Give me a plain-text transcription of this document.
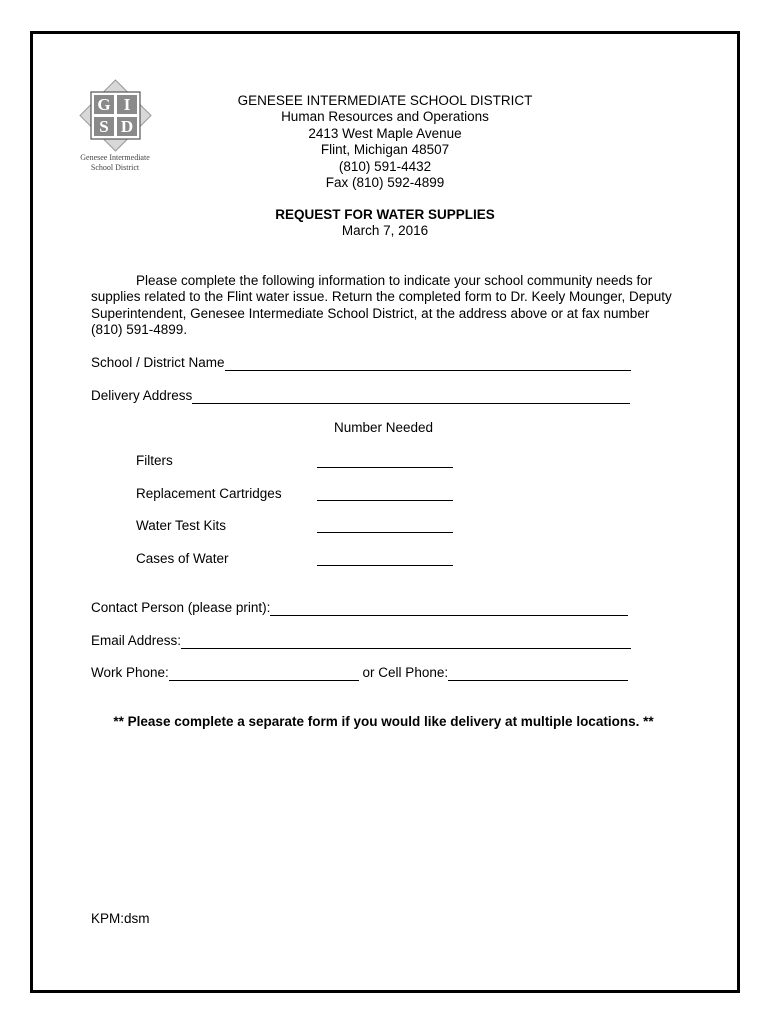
G I
S D
Genesee Intermediate
School District
GENESEE INTERMEDIATE SCHOOL DISTRICT
Human Resources and Operations
2413 West Maple Avenue
Flint, Michigan 48507
(810) 591-4432
Fax (810) 592-4899
REQUEST FOR WATER SUPPLIES
March 7, 2016
Please complete the following information to indicate your school community needs for supplies related to the Flint water issue. Return the completed form to Dr. Keely Mounger, Deputy Superintendent, Genesee Intermediate School District, at the address above or at fax number (810) 591-4899.
School / District Name
Delivery Address
Number Needed
Filters
Replacement Cartridges
Water Test Kits
Cases of Water
Contact Person (please print):
Email Address:
Work Phone:	or Cell Phone:
** Please complete a separate form if you would like delivery at multiple locations. **
KPM:dsm
